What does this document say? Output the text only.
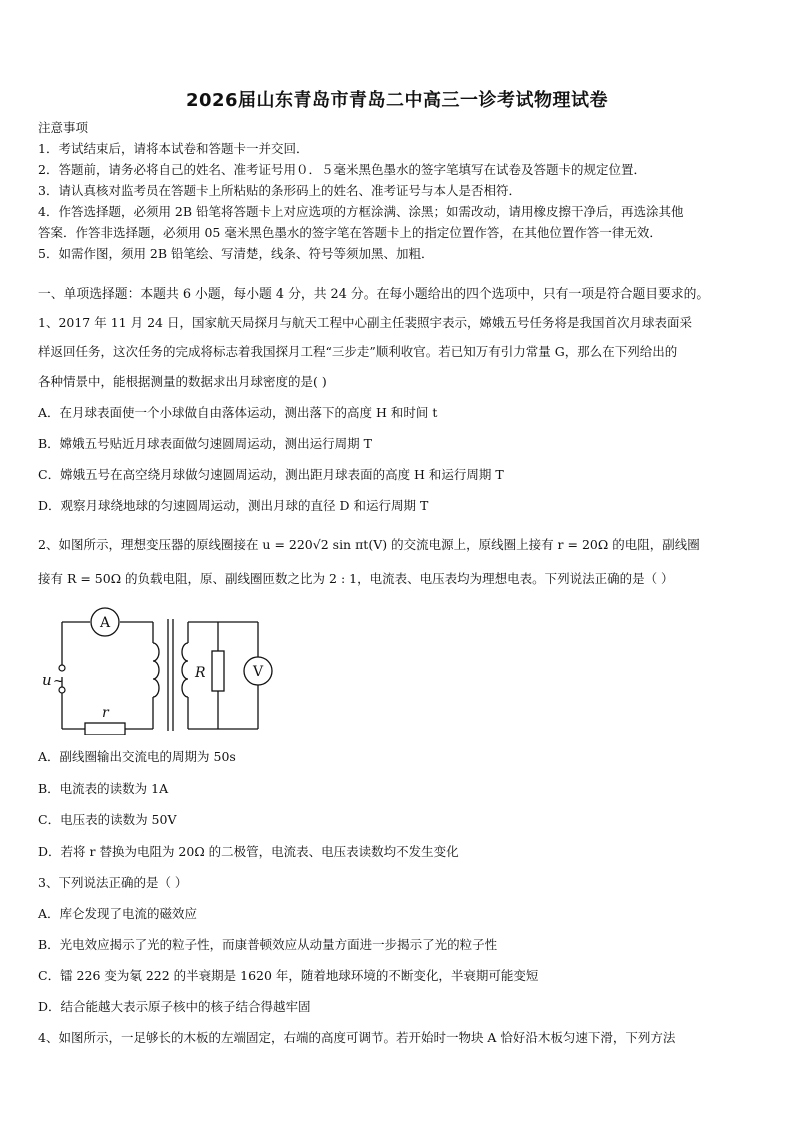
2026届山东青岛市青岛二中高三一诊考试物理试卷
注意事项
1．考试结束后，请将本试卷和答题卡一并交回．
2．答题前，请务必将自己的姓名、准考证号用０．５毫米黑色墨水的签字笔填写在试卷及答题卡的规定位置．
3．请认真核对监考员在答题卡上所粘贴的条形码上的姓名、准考证号与本人是否相符．
4．作答选择题，必须用 2B 铅笔将答题卡上对应选项的方框涂满、涂黑；如需改动，请用橡皮擦干净后，再选涂其他
答案．作答非选择题，必须用 05 毫米黑色墨水的签字笔在答题卡上的指定位置作答，在其他位置作答一律无效．
5．如需作图，须用 2B 铅笔绘、写清楚，线条、符号等须加黑、加粗．
一、单项选择题：本题共 6 小题，每小题 4 分，共 24 分。在每小题给出的四个选项中，只有一项是符合题目要求的。
1、2017 年 11 月 24 日，国家航天局探月与航天工程中心副主任裴照宇表示，嫦娥五号任务将是我国首次月球表面采
样返回任务，这次任务的完成将标志着我国探月工程“三步走”顺利收官。若已知万有引力常量 G，那么在下列给出的
各种情景中，能根据测量的数据求出月球密度的是( )
A．在月球表面使一个小球做自由落体运动，测出落下的高度 H 和时间 t
B．嫦娥五号贴近月球表面做匀速圆周运动，测出运行周期 T
C．嫦娥五号在高空绕月球做匀速圆周运动，测出距月球表面的高度 H 和运行周期 T
D．观察月球绕地球的匀速圆周运动，测出月球的直径 D 和运行周期 T
2、如图所示，理想变压器的原线圈接在 u = 220√2 sin πt(V) 的交流电源上，原线圈上接有 r = 20Ω 的电阻，副线圈
接有 R = 50Ω 的负载电阻，原、副线圈匝数之比为 2 : 1，电流表、电压表均为理想电表。下列说法正确的是（ ）
A
u ~
r
R	V
A．副线圈输出交流电的周期为 50s
B．电流表的读数为 1A
C．电压表的读数为 50V
D．若将 r 替换为电阻为 20Ω 的二极管，电流表、电压表读数均不发生变化
3、下列说法正确的是（ ）
A．库仑发现了电流的磁效应
B．光电效应揭示了光的粒子性，而康普顿效应从动量方面进一步揭示了光的粒子性
C．镭 226 变为氡 222 的半衰期是 1620 年，随着地球环境的不断变化，半衰期可能变短
D．结合能越大表示原子核中的核子结合得越牢固
4、如图所示，一足够长的木板的左端固定，右端的高度可调节。若开始时一物块 A 恰好沿木板匀速下滑，下列方法
